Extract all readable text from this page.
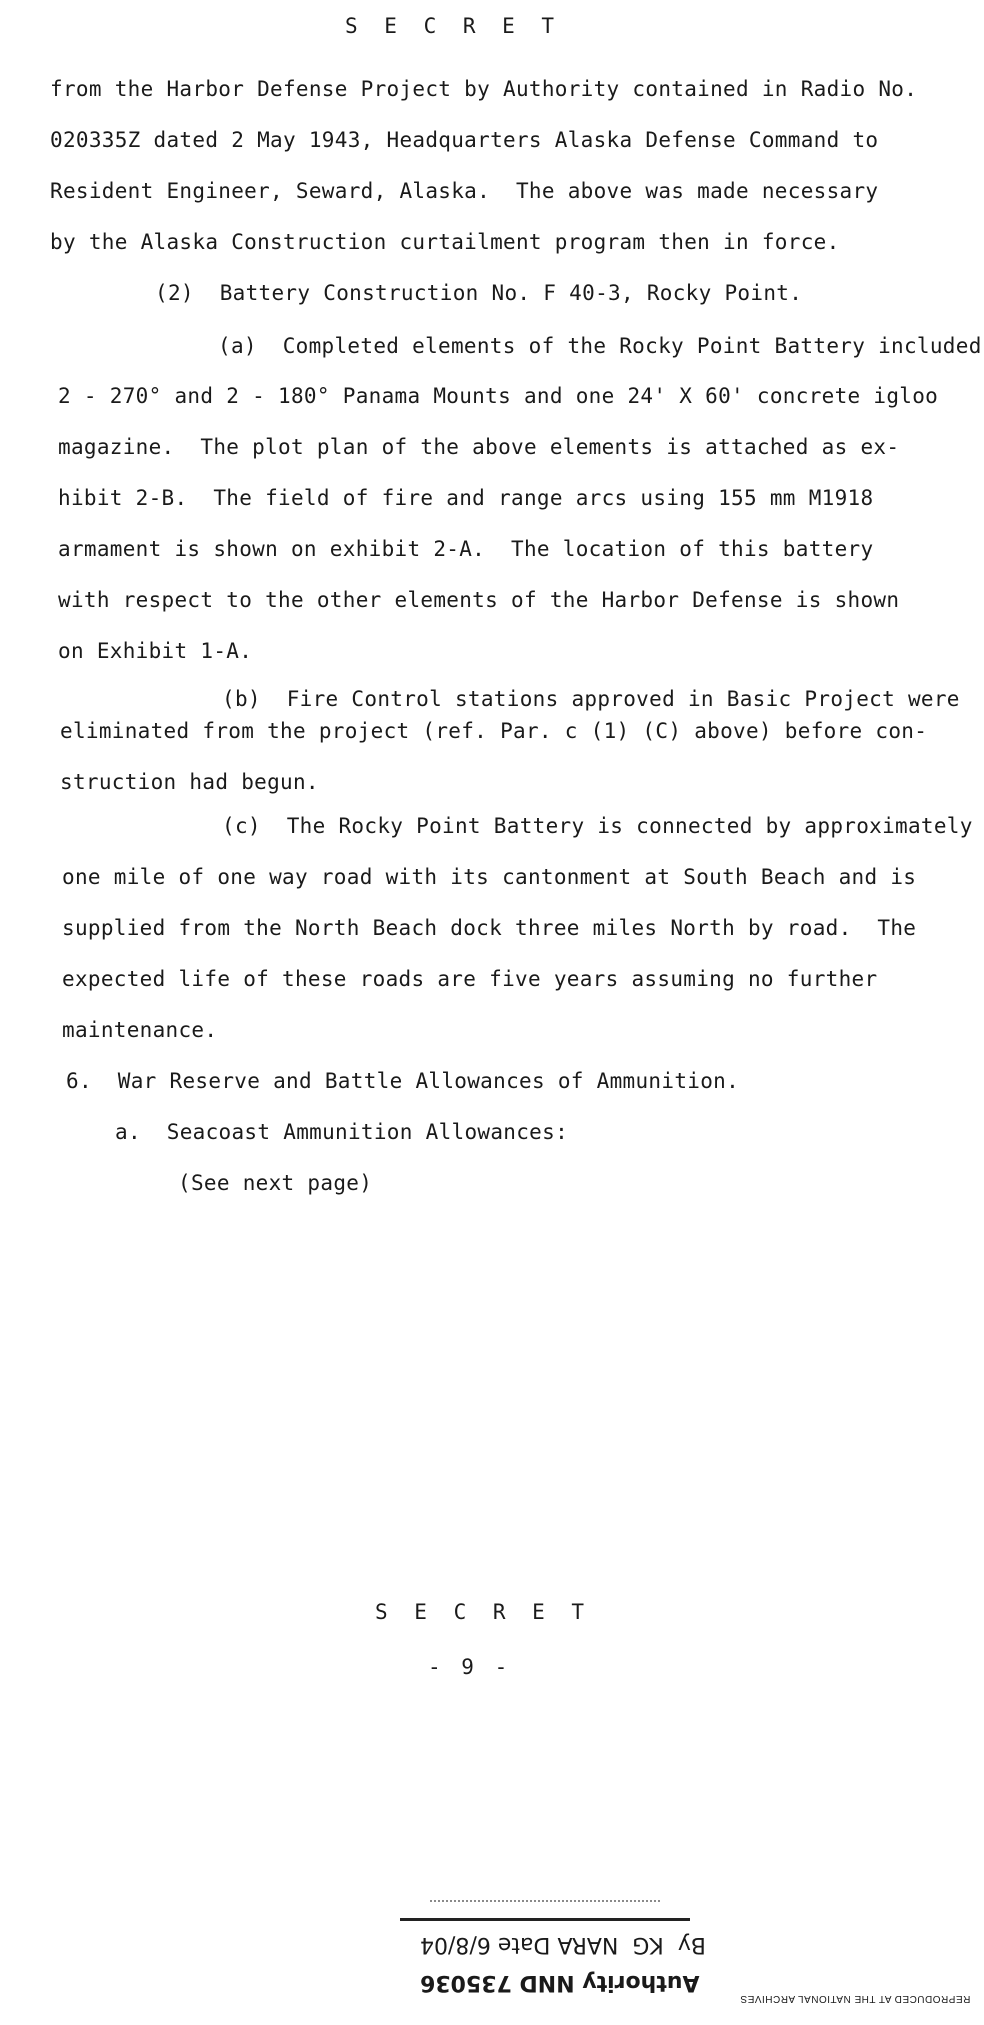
S E C R E T
from the Harbor Defense Project by Authority contained in Radio No.
020335Z dated 2 May 1943, Headquarters Alaska Defense Command to
Resident Engineer, Seward, Alaska.  The above was made necessary
by the Alaska Construction curtailment program then in force.
(2)  Battery Construction No. F 40-3, Rocky Point.
(a)  Completed elements of the Rocky Point Battery included
2 - 270° and 2 - 180° Panama Mounts and one 24' X 60' concrete igloo
magazine.  The plot plan of the above elements is attached as ex-
hibit 2-B.  The field of fire and range arcs using 155 mm M1918
armament is shown on exhibit 2-A.  The location of this battery
with respect to the other elements of the Harbor Defense is shown
on Exhibit 1-A.
(b)  Fire Control stations approved in Basic Project were
eliminated from the project (ref. Par. c (1) (C) above) before con-
struction had begun.
(c)  The Rocky Point Battery is connected by approximately
one mile of one way road with its cantonment at South Beach and is
supplied from the North Beach dock three miles North by road.  The
expected life of these roads are five years assuming no further
maintenance.
6.  War Reserve and Battle Allowances of Ammunition.
a.  Seacoast Ammunition Allowances:
(See next page)
S E C R E T
- 9 -
By  KG  NARA Date 6/8/04
Authority NND 735036
REPRODUCED AT THE NATIONAL ARCHIVES
